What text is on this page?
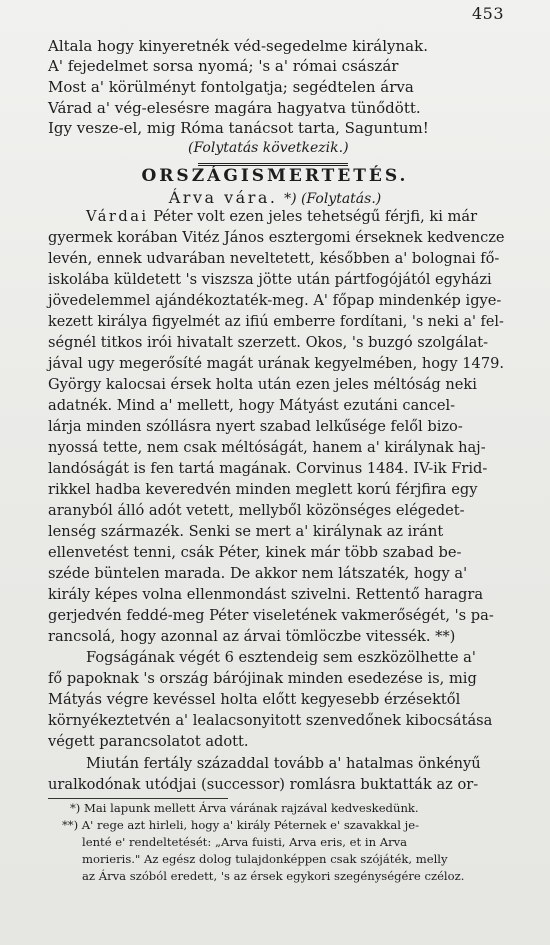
453
Altala hogy kinyeretnék véd-segedelme királynak.
A' fejedelmet sorsa nyomá; 's a' római császár
Most a' körülményt fontolgatja; segédtelen árva
Várad a' vég-elesésre magára hagyatva tünődött.
Igy vesze-el, mig Róma tanácsot tarta, Saguntum!
(Folytatás következik.)
ORSZÁGISMERTETÉS.
Árva vára. *) (Folytatás.)
Várdai Péter volt ezen jeles tehetségű férjfi, ki már
gyermek korában Vitéz János esztergomi érseknek kedvencze
levén, ennek udvarában neveltetett, későbben a' bolognai fő-
iskolába küldetett 's viszsza jötte után pártfogójától egyházi
jövedelemmel ajándékoztaték-meg. A' főpap mindenkép igye-
kezett királya figyelmét az ifiú emberre fordítani, 's neki a' fel-
ségnél titkos irói hivatalt szerzett. Okos, 's buzgó szolgálat-
jával ugy megerősíté magát urának kegyelmében, hogy 1479.
György kalocsai érsek holta után ezen jeles méltóság neki
adatnék. Mind a' mellett, hogy Mátyást ezutáni cancel-
lárja minden szóllásra nyert szabad lelkűsége felől bizo-
nyossá tette, nem csak méltóságát, hanem a' királynak haj-
landóságát is fen tartá magának. Corvinus 1484. IV-ik Frid-
rikkel hadba keveredvén minden meglett korú férjfira egy
aranyból álló adót vetett, mellyből közönséges elégedet-
lenség származék. Senki se mert a' királynak az iránt
ellenvetést tenni, csák Péter, kinek már több szabad be-
széde büntelen marada. De akkor nem látszaték, hogy a'
király képes volna ellenmondást szivelni. Rettentő haragra
gerjedvén feddé-meg Péter viseletének vakmerőségét, 's pa-
rancsolá, hogy azonnal az árvai tömlöczbe vitessék. **)
Fogságának végét 6 esztendeig sem eszközölhette a'
fő papoknak 's ország bárójinak minden esedezése is, mig
Mátyás végre kevéssel holta előtt kegyesebb érzésektől
környékeztetvén a' lealacsonyitott szenvedőnek kibocsátása
végett parancsolatot adott.
Miután fertály századdal tovább a' hatalmas önkényű
uralkodónak utódjai (successor) romlásra buktatták az or-
*) Mai lapunk mellett Árva várának rajzával kedveskedünk.
**) A' rege azt hirleli, hogy a' király Péternek e' szavakkal je-
lenté e' rendeltetését: „Arva fuisti, Arva eris, et in Arva
morieris." Az egész dolog tulajdonképpen csak szójáték, melly
az Árva szóból eredett, 's az érsek egykori szegénységére czéloz.
